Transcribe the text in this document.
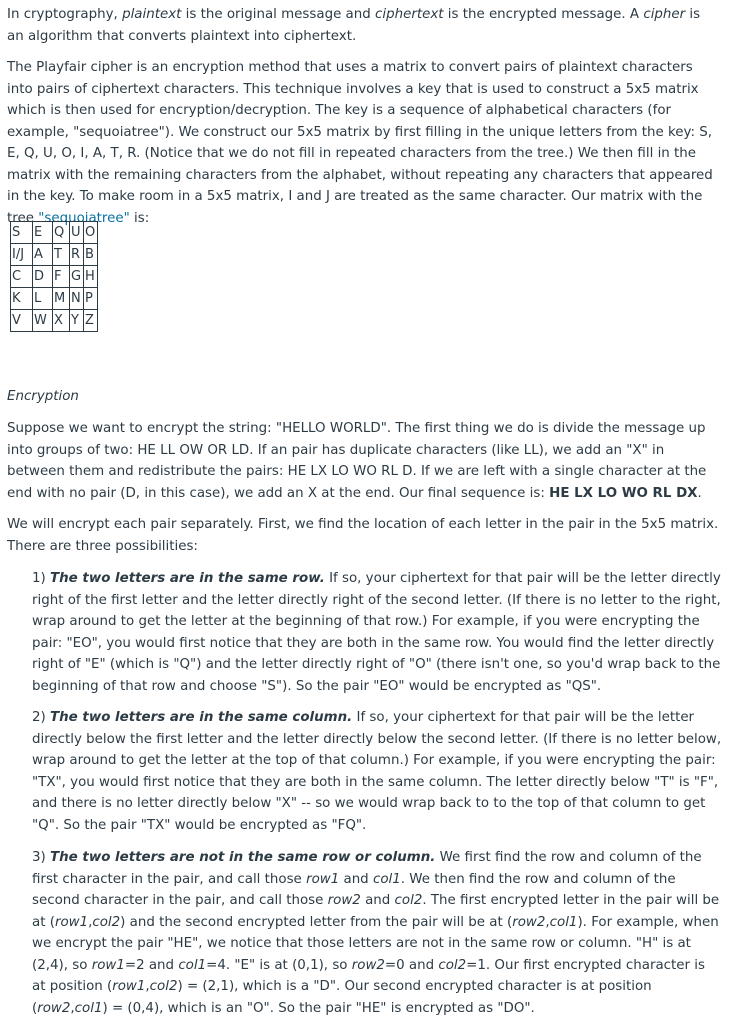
In cryptography, plaintext is the original message and ciphertext is the encrypted message. A cipher is an algorithm that converts plaintext into ciphertext.

The Playfair cipher is an encryption method that uses a matrix to convert pairs of plaintext characters into pairs of ciphertext characters. This technique involves a key that is used to construct a 5x5 matrix which is then used for encryption/decryption. The key is a sequence of alphabetical characters (for example, "sequoiatree"). We construct our 5x5 matrix by first filling in the unique letters from the key: S, E, Q, U, O, I, A, T, R. (Notice that we do not fill in repeated characters from the tree.) We then fill in the matrix with the remaining characters from the alphabet, without repeating any characters that appeared in the key. To make room in a 5x5 matrix, I and J are treated as the same character. Our matrix with the tree "sequoiatree" is:

S	E	Q	U	O
I/J	A	T	R	B
C	D	F	G	H
K	L	M	N	P
V	W	X	Y	Z

Encryption

Suppose we want to encrypt the string: "HELLO WORLD". The first thing we do is divide the message up into groups of two: HE LL OW OR LD. If an pair has duplicate characters (like LL), we add an "X" in between them and redistribute the pairs: HE LX LO WO RL D. If we are left with a single character at the end with no pair (D, in this case), we add an X at the end. Our final sequence is: HE LX LO WO RL DX.

We will encrypt each pair separately. First, we find the location of each letter in the pair in the 5x5 matrix. There are three possibilities:

1) The two letters are in the same row. If so, your ciphertext for that pair will be the letter directly right of the first letter and the letter directly right of the second letter. (If there is no letter to the right, wrap around to get the letter at the beginning of that row.) For example, if you were encrypting the pair: "EO", you would first notice that they are both in the same row. You would find the letter directly right of "E" (which is "Q") and the letter directly right of "O" (there isn't one, so you'd wrap back to the beginning of that row and choose "S"). So the pair "EO" would be encrypted as "QS".

2) The two letters are in the same column. If so, your ciphertext for that pair will be the letter directly below the first letter and the letter directly below the second letter. (If there is no letter below, wrap around to get the letter at the top of that column.) For example, if you were encrypting the pair: "TX", you would first notice that they are both in the same column. The letter directly below "T" is "F", and there is no letter directly below "X" -- so we would wrap back to to the top of that column to get "Q". So the pair "TX" would be encrypted as "FQ".

3) The two letters are not in the same row or column. We first find the row and column of the first character in the pair, and call those row1 and col1. We then find the row and column of the second character in the pair, and call those row2 and col2. The first encrypted letter in the pair will be at (row1,col2) and the second encrypted letter from the pair will be at (row2,col1). For example, when we encrypt the pair "HE", we notice that those letters are not in the same row or column. "H" is at (2,4), so row1=2 and col1=4. "E" is at (0,1), so row2=0 and col2=1. Our first encrypted character is at position (row1,col2) = (2,1), which is a "D". Our second encrypted character is at position (row2,col1) = (0,4), which is an "O". So the pair "HE" is encrypted as "DO".
